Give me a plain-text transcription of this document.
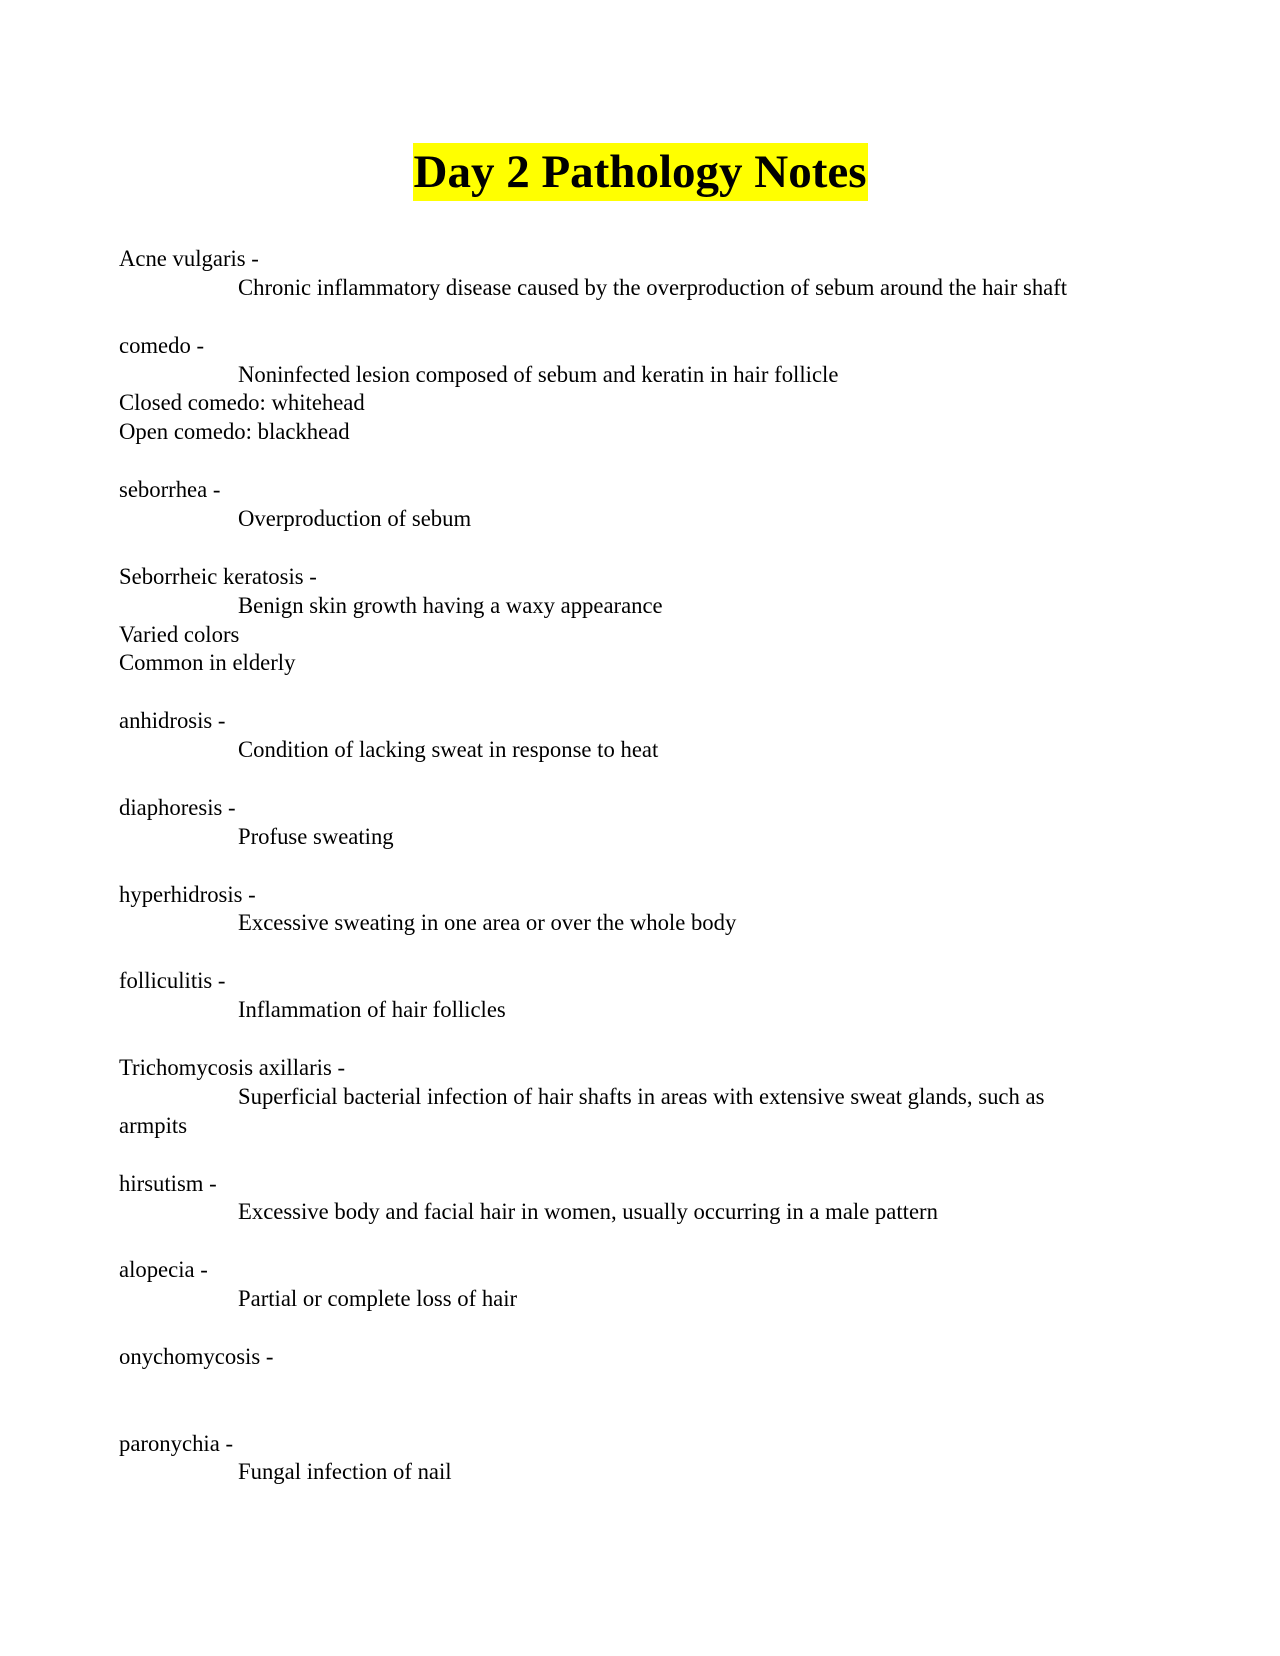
Day 2 Pathology Notes
Acne vulgaris -
Chronic inflammatory disease caused by the overproduction of sebum around the hair shaft
comedo -
Noninfected lesion composed of sebum and keratin in hair follicle
Closed comedo: whitehead
Open comedo: blackhead
seborrhea -
Overproduction of sebum
Seborrheic keratosis -
Benign skin growth having a waxy appearance
Varied colors
Common in elderly
anhidrosis -
Condition of lacking sweat in response to heat
diaphoresis -
Profuse sweating
hyperhidrosis -
Excessive sweating in one area or over the whole body
folliculitis -
Inflammation of hair follicles
Trichomycosis axillaris -
Superficial bacterial infection of hair shafts in areas with extensive sweat glands, such as
armpits
hirsutism -
Excessive body and facial hair in women, usually occurring in a male pattern
alopecia -
Partial or complete loss of hair
onychomycosis -
paronychia -
Fungal infection of nail
